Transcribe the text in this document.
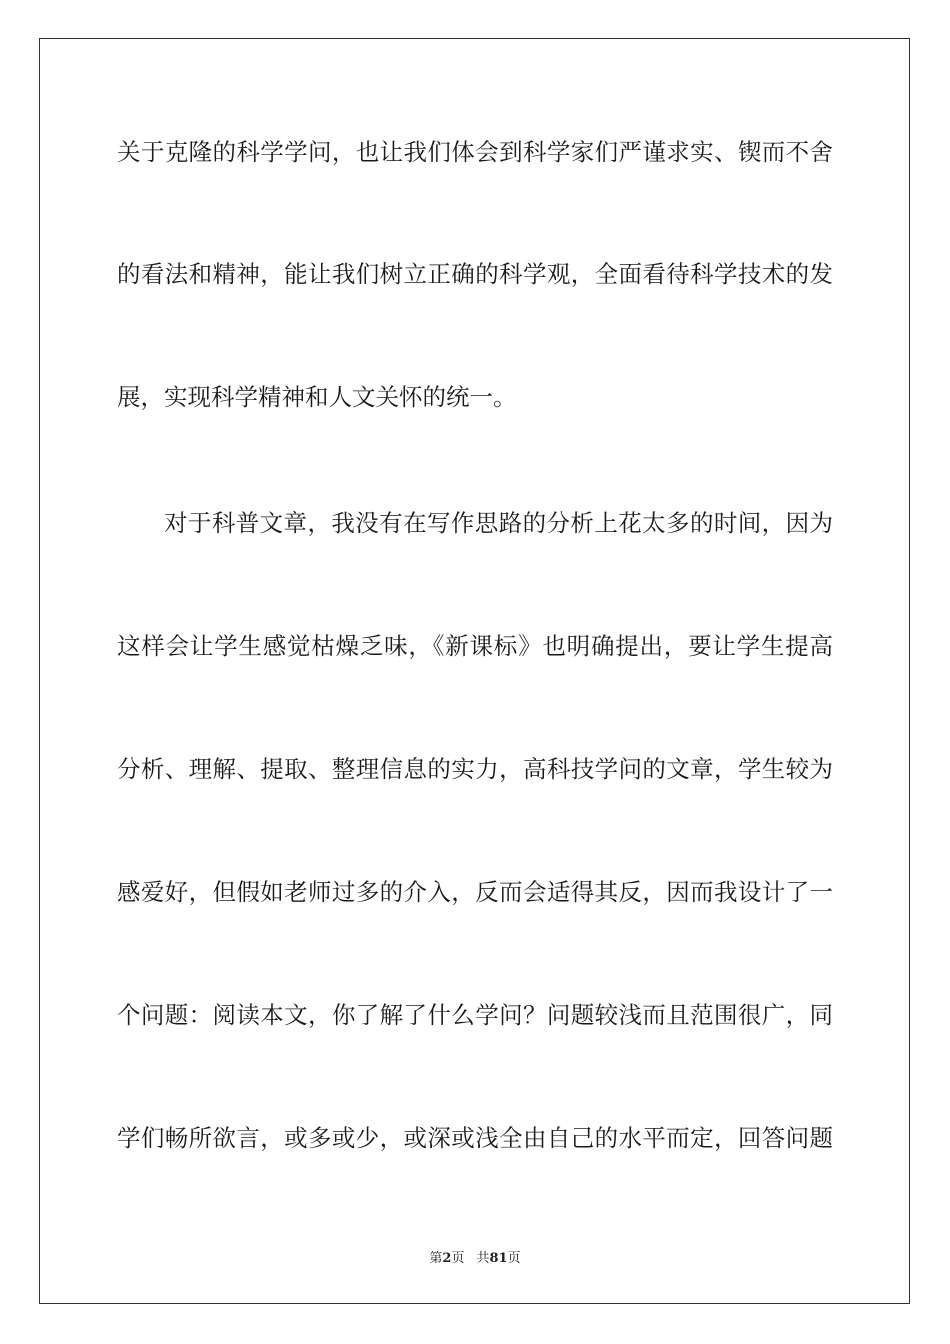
关于克隆的科学学问，也让我们体会到科学家们严谨求实、锲而不舍
的看法和精神，能让我们树立正确的科学观，全面看待科学技术的发
展，实现科学精神和人文关怀的统一。
对于科普文章，我没有在写作思路的分析上花太多的时间，因为
这样会让学生感觉枯燥乏味，《新课标》也明确提出，要让学生提高
分析、理解、提取、整理信息的实力，高科技学问的文章，学生较为
感爱好，但假如老师过多的介入，反而会适得其反，因而我设计了一
个问题：阅读本文，你了解了什么学问？问题较浅而且范围很广，同
学们畅所欲言，或多或少，或深或浅全由自己的水平而定，回答问题
第2页 共81页
